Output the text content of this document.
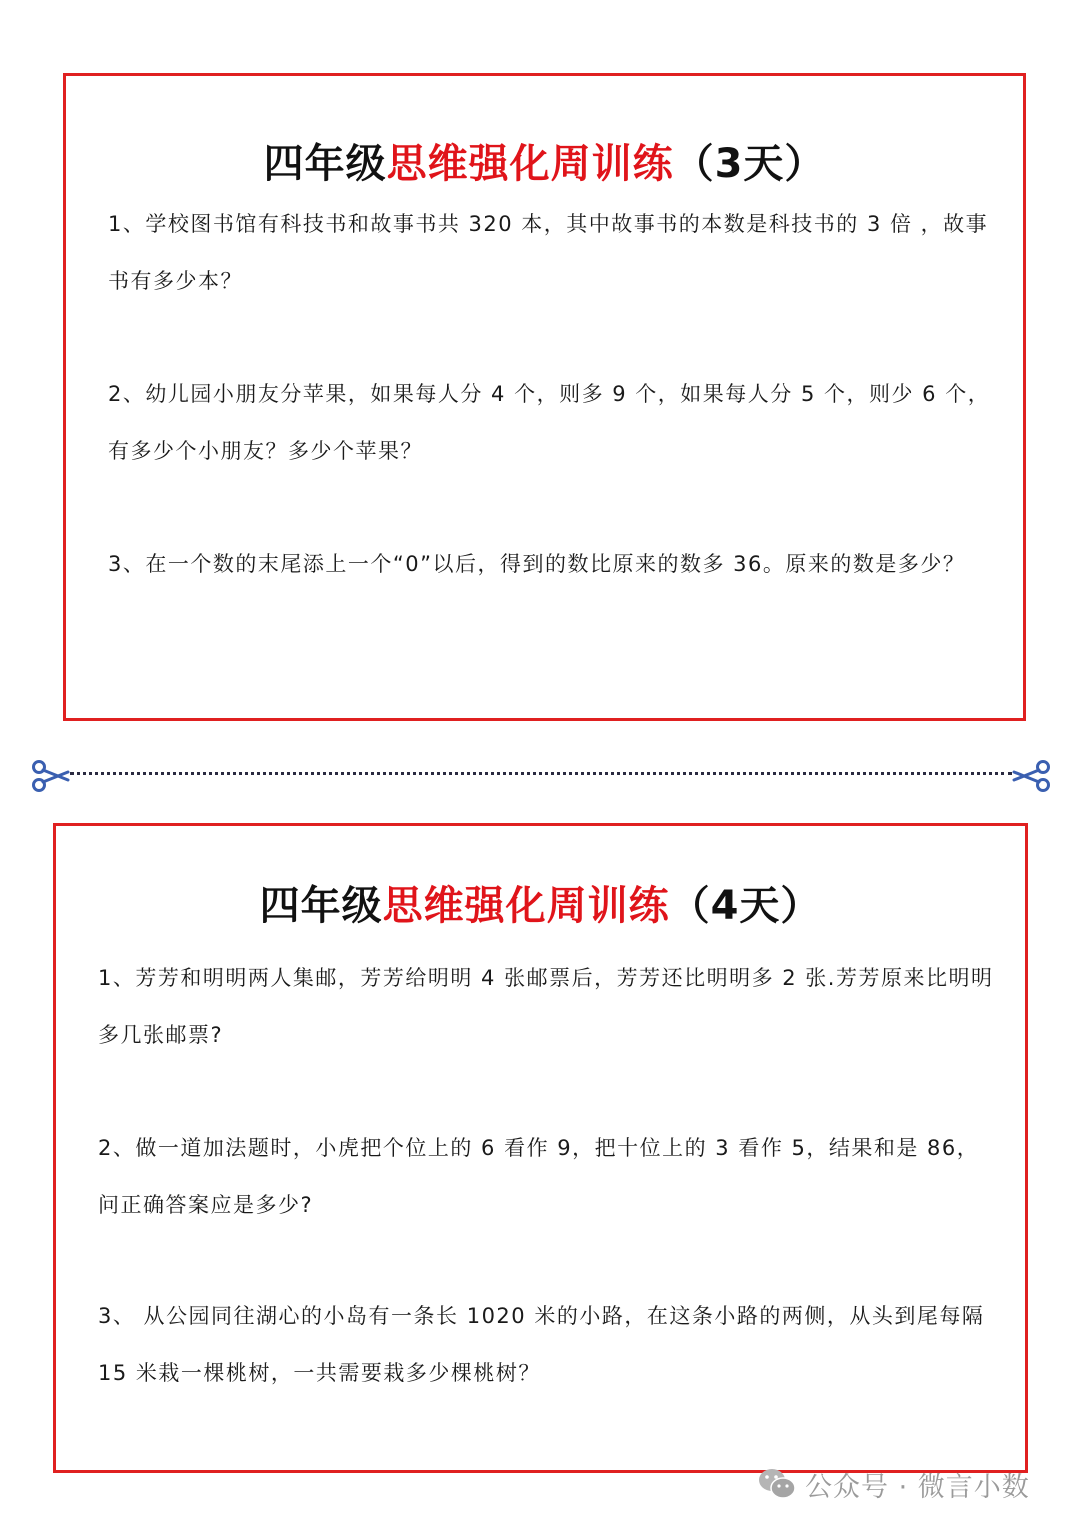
四年级思维强化周训练（3天）

1、学校图书馆有科技书和故事书共 320 本，其中故事书的本数是科技书的 3 倍 ，故事书有多少本？

2、幼儿园小朋友分苹果，如果每人分 4 个，则多 9 个，如果每人分 5 个，则少 6 个，有多少个小朋友？多少个苹果？

3、在一个数的末尾添上一个“0”以后，得到的数比原来的数多 36。原来的数是多少？

四年级思维强化周训练（4天）

1、芳芳和明明两人集邮，芳芳给明明 4 张邮票后，芳芳还比明明多 2 张.芳芳原来比明明多几张邮票?

2、做一道加法题时，小虎把个位上的 6 看作 9，把十位上的 3 看作 5，结果和是 86，问正确答案应是多少?

3、 从公园同往湖心的小岛有一条长 1020 米的小路，在这条小路的两侧，从头到尾每隔 15 米栽一棵桃树，一共需要栽多少棵桃树？

公众号 · 微言小数
